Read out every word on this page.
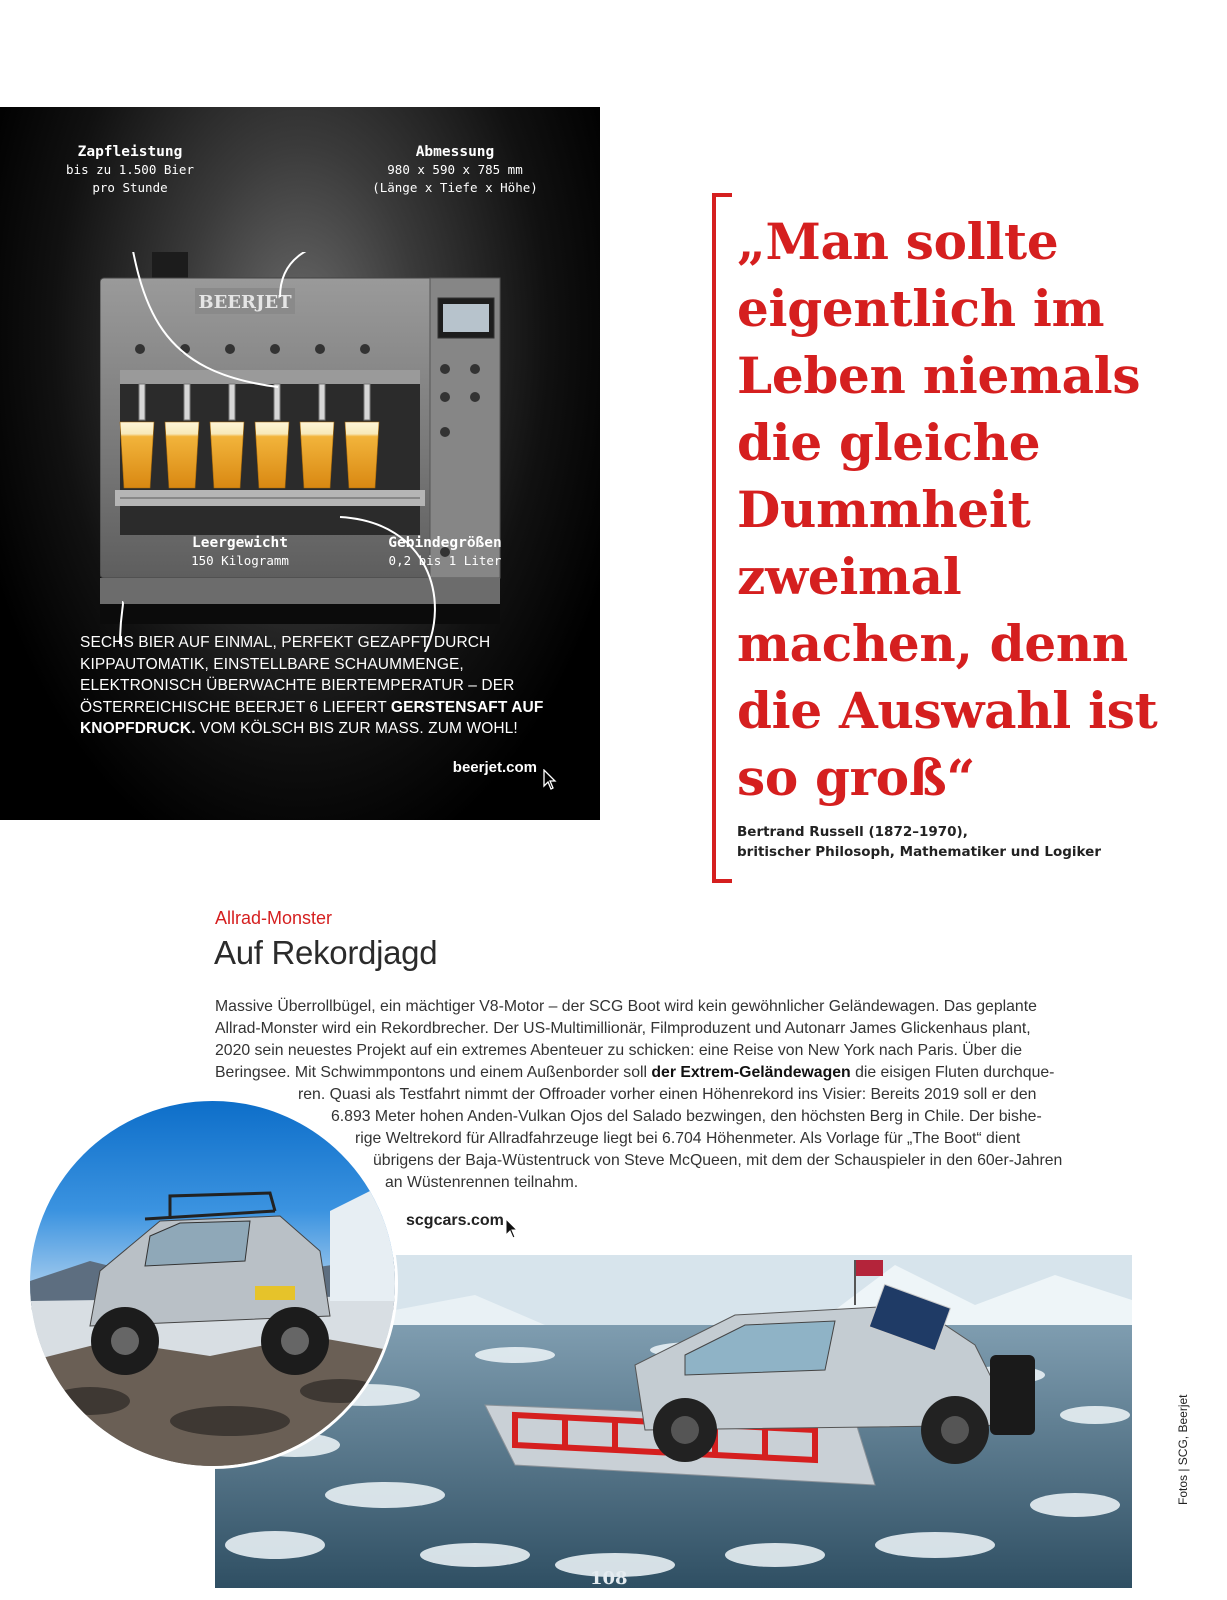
Zapfleistung
bis zu 1.500 Bier
pro Stunde
Abmessung
980 x 590 x 785 mm
(Länge x Tiefe x Höhe)
BEERJET
Leergewicht
150 Kilogramm
Gebindegrößen
0,2 bis 1 Liter
SECHS BIER AUF EINMAL, PERFEKT GEZAPFT DURCH KIPPAUTOMATIK, EINSTELLBARE SCHAUMMENGE, ELEKTRONISCH ÜBERWACHTE BIERTEMPERATUR – DER ÖSTERREICHISCHE BEERJET 6 LIEFERT GERSTENSAFT AUF KNOPFDRUCK. VOM KÖLSCH BIS ZUR MASS. ZUM WOHL!
beerjet.com

„Man sollte eigentlich im Leben niemals die gleiche Dummheit zweimal machen, denn die Auswahl ist so groß“

Bertrand Russell (1872–1970),
britischer Philosoph, Mathematiker und Logiker
Allrad-Monster
Auf Rekordjagd
Massive Überrollbügel, ein mächtiger V8-Motor – der SCG Boot wird kein gewöhnlicher Geländewagen. Das geplante
Allrad-Monster wird ein Rekordbrecher. Der US-Multimillionär, Filmproduzent und Autonarr James Glickenhaus plant,
2020 sein neuestes Projekt auf ein extremes Abenteuer zu schicken: eine Reise von New York nach Paris. Über die
Beringsee. Mit Schwimmpontons und einem Außenborder soll der Extrem-Geländewagen die eisigen Fluten durchque-
ren. Quasi als Testfahrt nimmt der Offroader vorher einen Höhenrekord ins Visier: Bereits 2019 soll er den
6.893 Meter hohen Anden-Vulkan Ojos del Salado bezwingen, den höchsten Berg in Chile. Der bishe-
rige Weltrekord für Allradfahrzeuge liegt bei 6.704 Höhenmeter. Als Vorlage für „The Boot“ dient
übrigens der Baja-Wüstentruck von Steve McQueen, mit dem der Schauspieler in den 60er-Jahren
an Wüstenrennen teilnahm.
scgcars.com
108
Fotos | SCG, Beerjet
